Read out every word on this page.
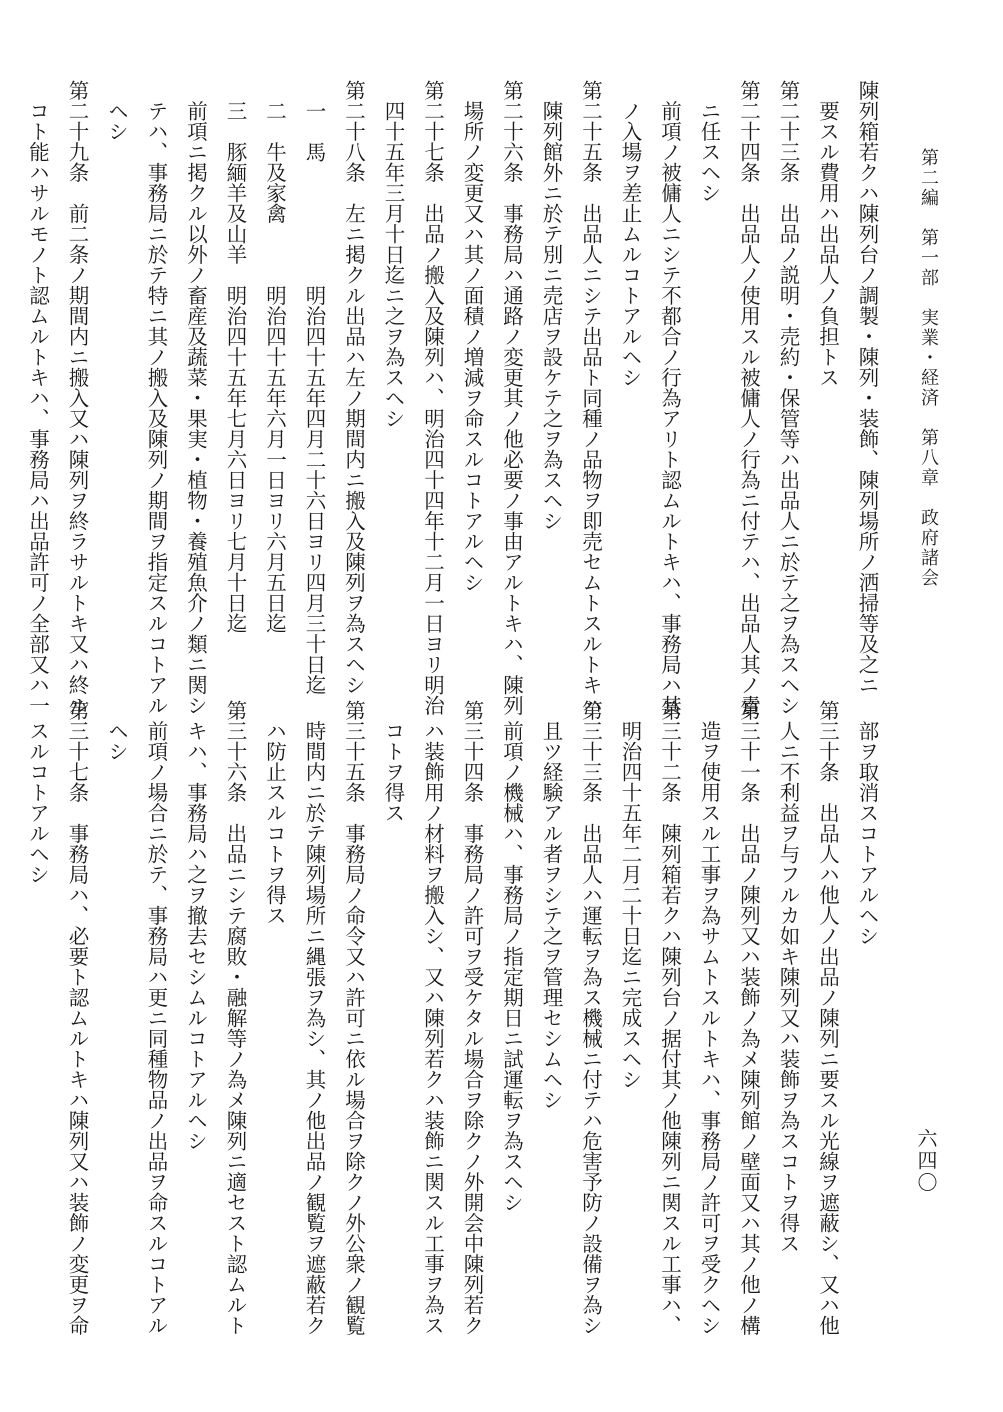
第二編　第一部　実業・経済　第八章　政府諸会
六四〇
陳列箱若クハ陳列台ノ調製・陳列・装飾、陳列場所ノ洒掃等及之ニ
　要スル費用ハ出品人ノ負担トス
第二十三条　出品ノ説明・売約・保管等ハ出品人ニ於テ之ヲ為スヘシ
第二十四条　出品人ノ使用スル被傭人ノ行為ニ付テハ、出品人其ノ責
　ニ任スヘシ
　前項ノ被傭人ニシテ不都合ノ行為アリト認ムルトキハ、事務局ハ其
　ノ入場ヲ差止ムルコトアルヘシ
第二十五条　出品人ニシテ出品ト同種ノ品物ヲ即売セムトスルトキハ
　陳列館外ニ於テ別ニ売店ヲ設ケテ之ヲ為スヘシ
第二十六条　事務局ハ通路ノ変更其ノ他必要ノ事由アルトキハ、陳列
　場所ノ変更又ハ其ノ面積ノ増減ヲ命スルコトアルヘシ
第二十七条　出品ノ搬入及陳列ハ、明治四十四年十二月一日ヨリ明治
　四十五年三月十日迄ニ之ヲ為スヘシ
第二十八条　左ニ掲クル出品ハ左ノ期間内ニ搬入及陳列ヲ為スヘシ
　一　馬　　　　　　明治四十五年四月二十六日ヨリ四月三十日迄
　二　牛及家禽　　　明治四十五年六月一日ヨリ六月五日迄
　三　豚緬羊及山羊　明治四十五年七月六日ヨリ七月十日迄
　前項ニ掲クル以外ノ畜産及蔬菜・果実・植物・養殖魚介ノ類ニ関シ
　テハ、事務局ニ於テ特ニ其ノ搬入及陳列ノ期間ヲ指定スルコトアル
　ヘシ
第二十九条　前二条ノ期間内ニ搬入又ハ陳列ヲ終ラサルトキ又ハ終ル
　コト能ハサルモノト認ムルトキハ、事務局ハ出品許可ノ全部又ハ一
　部ヲ取消スコトアルヘシ
第三十条　出品人ハ他人ノ出品ノ陳列ニ要スル光線ヲ遮蔽シ、又ハ他
　人ニ不利益ヲ与フルカ如キ陳列又ハ装飾ヲ為スコトヲ得ス
第三十一条　出品ノ陳列又ハ装飾ノ為メ陳列館ノ壁面又ハ其ノ他ノ構
　造ヲ使用スル工事ヲ為サムトスルトキハ、事務局ノ許可ヲ受クヘシ
第三十二条　陳列箱若クハ陳列台ノ据付其ノ他陳列ニ関スル工事ハ、
　明治四十五年二月二十日迄ニ完成スヘシ
第三十三条　出品人ハ運転ヲ為ス機械ニ付テハ危害予防ノ設備ヲ為シ
　且ツ経験アル者ヲシテ之ヲ管理セシムヘシ
　前項ノ機械ハ、事務局ノ指定期日ニ試運転ヲ為スヘシ
第三十四条　事務局ノ許可ヲ受ケタル場合ヲ除クノ外開会中陳列若ク
　ハ装飾用ノ材料ヲ搬入シ、又ハ陳列若クハ装飾ニ関スル工事ヲ為ス
　コトヲ得ス
第三十五条　事務局ノ命令又ハ許可ニ依ル場合ヲ除クノ外公衆ノ観覧
　時間内ニ於テ陳列場所ニ縄張ヲ為シ、其ノ他出品ノ観覧ヲ遮蔽若ク
　ハ防止スルコトヲ得ス
第三十六条　出品ニシテ腐敗・融解等ノ為メ陳列ニ適セスト認ムルト
　キハ、事務局ハ之ヲ撤去セシムルコトアルヘシ
　前項ノ場合ニ於テ、事務局ハ更ニ同種物品ノ出品ヲ命スルコトアル
　ヘシ
第三十七条　事務局ハ、必要ト認ムルトキハ陳列又ハ装飾ノ変更ヲ命
　スルコトアルヘシ
